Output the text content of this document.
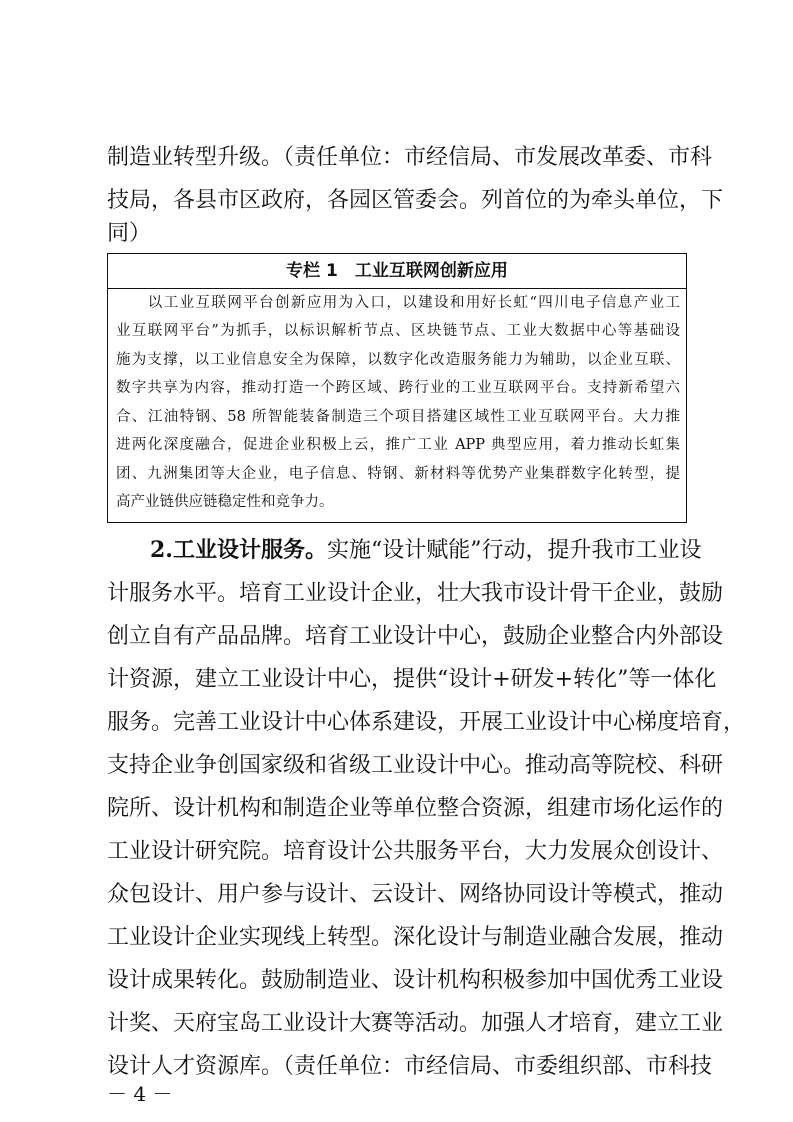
制造业转型升级。（责任单位：市经信局、市发展改革委、市科
技局，各县市区政府，各园区管委会。列首位的为牵头单位，下
同）
专栏 1　工业互联网创新应用
　　以工业互联网平台创新应用为入口，以建设和用好长虹“四川电子信息产业工
业互联网平台”为抓手，以标识解析节点、区块链节点、工业大数据中心等基础设
施为支撑，以工业信息安全为保障，以数字化改造服务能力为辅助，以企业互联、
数字共享为内容，推动打造一个跨区域、跨行业的工业互联网平台。支持新希望六
合、江油特钢、58 所智能装备制造三个项目搭建区域性工业互联网平台。大力推
进两化深度融合，促进企业积极上云，推广工业 APP 典型应用，着力推动长虹集
团、九洲集团等大企业，电子信息、特钢、新材料等优势产业集群数字化转型，提
高产业链供应链稳定性和竞争力。
2.工业设计服务。实施“设计赋能”行动，提升我市工业设
计服务水平。培育工业设计企业，壮大我市设计骨干企业，鼓励
创立自有产品品牌。培育工业设计中心，鼓励企业整合内外部设
计资源，建立工业设计中心，提供“设计+研发+转化”等一体化
服务。完善工业设计中心体系建设，开展工业设计中心梯度培育，
支持企业争创国家级和省级工业设计中心。推动高等院校、科研
院所、设计机构和制造企业等单位整合资源，组建市场化运作的
工业设计研究院。培育设计公共服务平台，大力发展众创设计、
众包设计、用户参与设计、云设计、网络协同设计等模式，推动
工业设计企业实现线上转型。深化设计与制造业融合发展，推动
设计成果转化。鼓励制造业、设计机构积极参加中国优秀工业设
计奖、天府宝岛工业设计大赛等活动。加强人才培育，建立工业
设计人才资源库。（责任单位：市经信局、市委组织部、市科技
－ 4 －
